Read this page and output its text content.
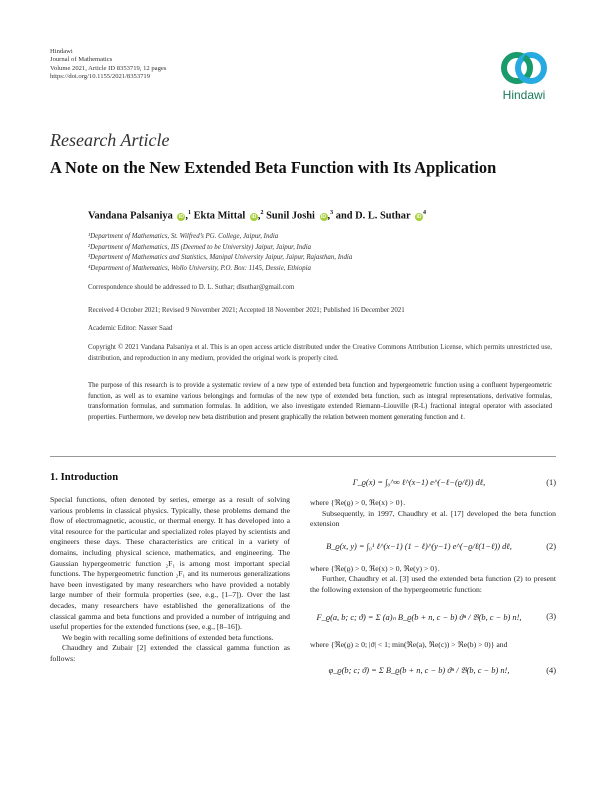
Hindawi
Journal of Mathematics
Volume 2021, Article ID 8353719, 12 pages
https://doi.org/10.1155/2021/8353719
Hindawi
Research Article
A Note on the New Extended Beta Function with Its Application
Vandana Palsaniya	iD ,$^1$ Ekta Mittal	iD ,$^2$ Sunil Joshi	iD ,$^3$ and D. L. Suthar	iD
$^4$
¹Department of Mathematics, St. Wilfred’s PG. College, Jaipur, India
²Department of Mathematics, IIS (Deemed to be University) Jaipur, Jaipur, India
³Department of Mathematics and Statistics, Manipal University Jaipur, Jaipur, Rajasthan, India
⁴Department of Mathematics, Wollo University, P.O. Box: 1145, Dessie, Ethiopia
Correspondence should be addressed to D. L. Suthar; dlsuthar@gmail.com
Received 4 October 2021; Revised 9 November 2021; Accepted 18 November 2021; Published 16 December 2021
Academic Editor: Nasser Saad
Copyright © 2021 Vandana Palsaniya et al. This is an open access article distributed under the Creative Commons Attribution License, which permits unrestricted use, distribution, and reproduction in any medium, provided the original work is properly cited.
The purpose of this research is to provide a systematic review of a new type of extended beta function and hypergeometric function using a confluent hypergeometric function, as well as to examine various belongings and formulas of the new type of extended beta function, such as integral representations, derivative formulas, transformation formulas, and summation formulas. In addition, we also investigate extended Riemann–Liouville (R-L) fractional integral operator with associated properties. Furthermore, we develop new beta distribution and present graphically the relation between moment generating function and ℓ.
1. Introduction

Special functions, often denoted by series, emerge as a result of solving various problems in classical physics. Typically, these problems demand the flow of electromagnetic, acoustic, or thermal energy. It has developed into a vital resource for the particular and specialized roles played by scientists and engineers these days. These characteristics are critical in a variety of domains, including physical science, mathematics, and engineering. The Gaussian hypergeometric function ₂F₁ is among most important special functions. The hypergeometric function ₂F₁ and its numerous generalizations have been investigated by many researchers who have provided a notably large number of their formula properties (see, e.g., [1–7]). Over the last decades, many researchers have established the generalizations of the classical gamma and beta functions and provided a number of intriguing and useful properties for the extended functions (see, e.g., [8–16]).

We begin with recalling some definitions of extended beta functions.

Chaudhry and Zubair [2] extended the classical gamma function as follows:

Γ_ϱ(x) = ∫₀^∞ ℓ^(x−1) e^(−ℓ−(ϱ/ℓ)) dℓ,	(1)

where {ℜe(ϱ) > 0, ℜe(x) > 0}.

Subsequently, in 1997, Chaudhry et al. [17] developed the beta function extension

B_ϱ(x, y) = ∫₀¹ ℓ^(x−1) (1 − ℓ)^(y−1) e^(−ϱ/ℓ(1−ℓ)) dℓ,	(2)

where {ℜe(ϱ) > 0, ℜe(x) > 0, ℜe(y) > 0}.

Further, Chaudhry et al. [3] used the extended beta function (2) to present the following extension of the hypergeometric function:

F_ϱ(a, b; c; ϑ) = Σ (a)ₙ B_ϱ(b + n, c − b) ϑⁿ / 𝔅(b, c − b) n!,	(3)

where {ℜe(ϱ) ≥ 0; |ϑ| < 1; min(ℜe(a), ℜe(c)) > ℜe(b) > 0)} and

φ_ϱ(b; c; ϑ) = Σ B_ϱ(b + n, c − b) ϑⁿ / 𝔅(b, c − b) n!,	(4)
